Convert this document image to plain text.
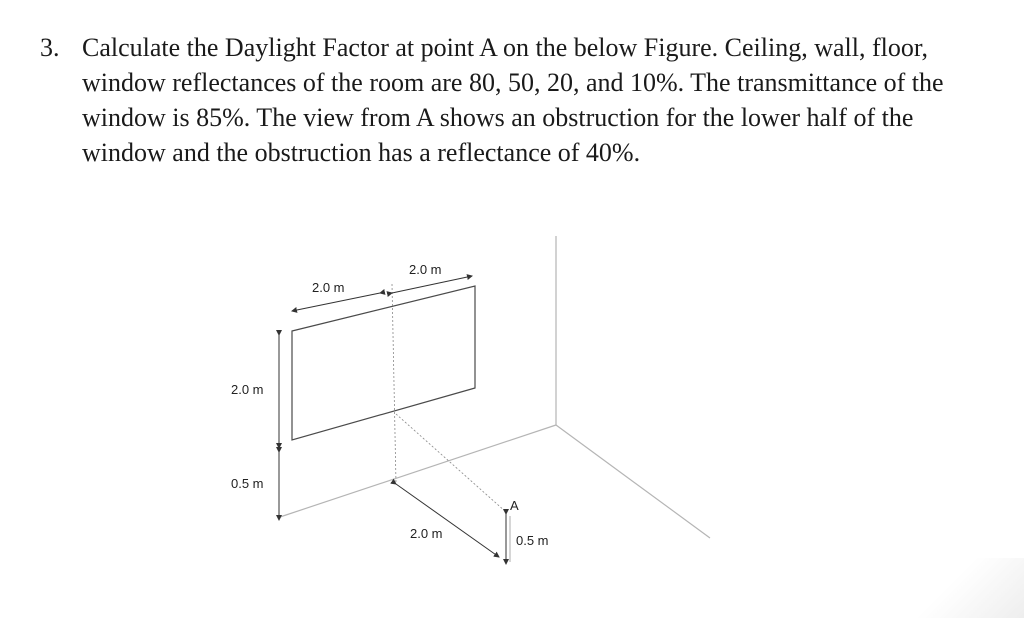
3. Calculate the Daylight Factor at point A on the below Figure. Ceiling, wall, floor, window reflectances of the room are 80, 50, 20, and 10%. The transmittance of the window is 85%. The view from A shows an obstruction for the lower half of the window and the obstruction has a reflectance of 40%.
2.0 m
2.0 m
2.0 m
0.5 m
2.0 m
A
0.5 m
